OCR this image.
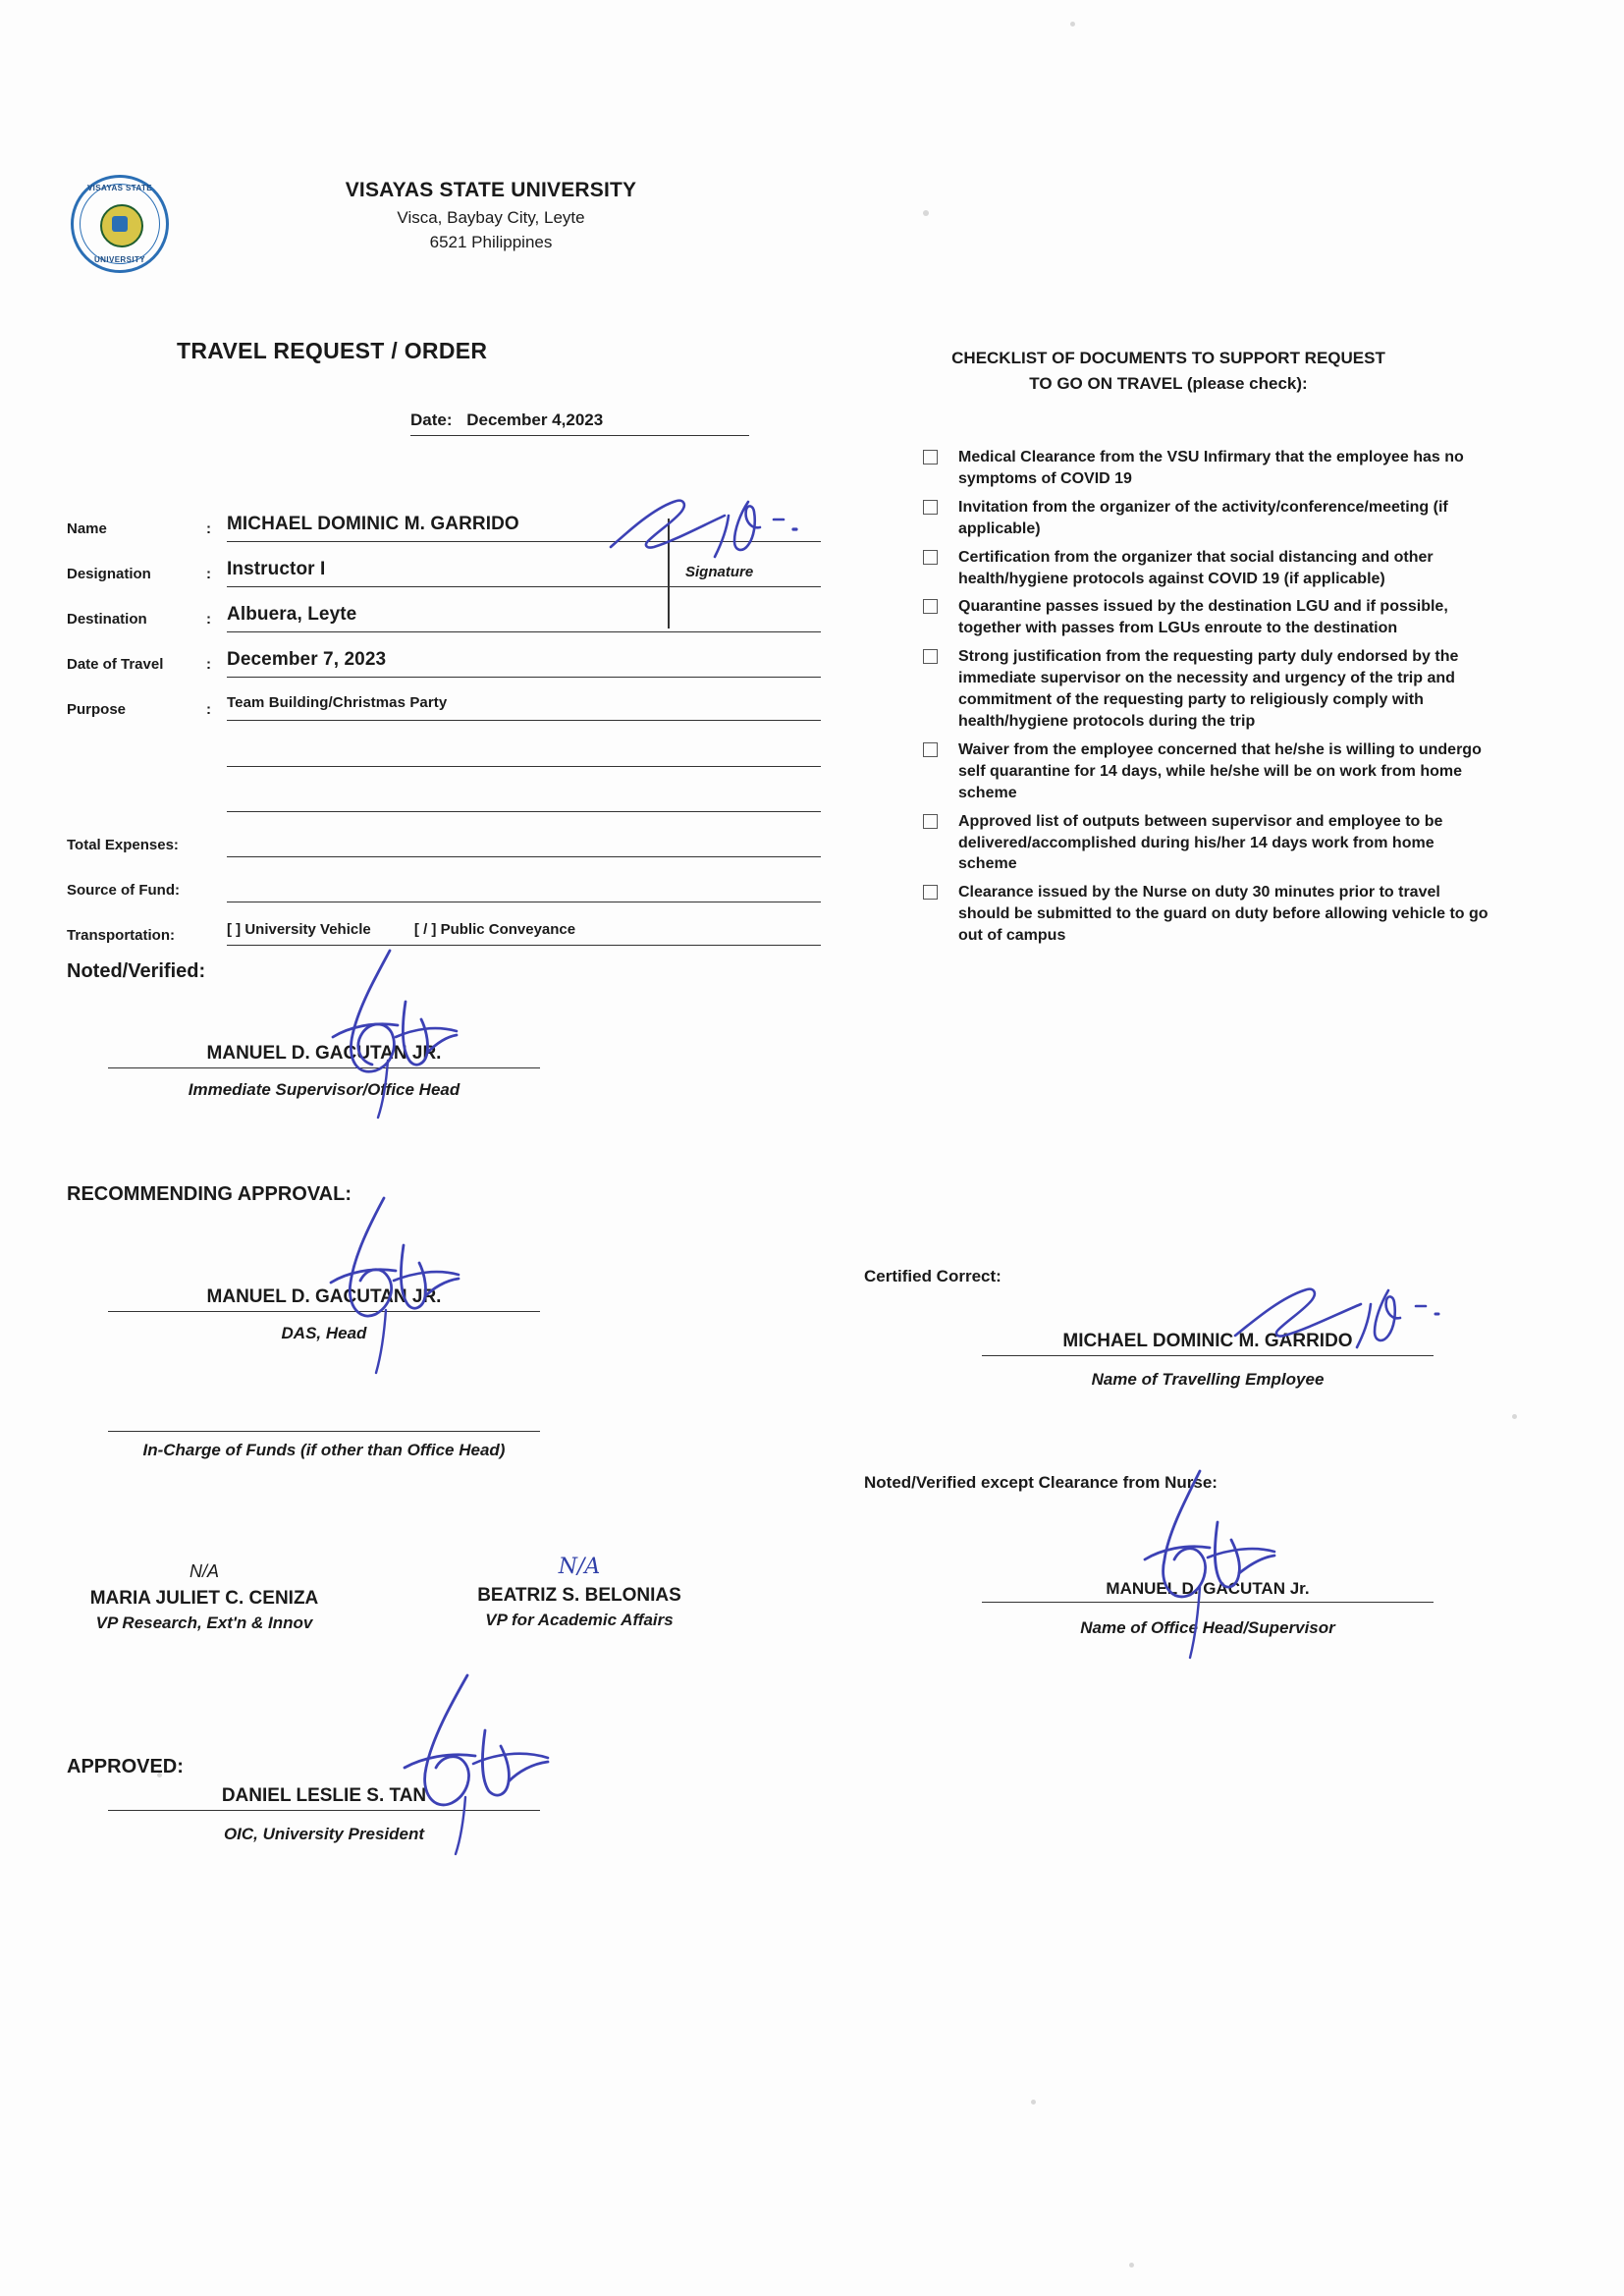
VISAYAS STATE
UNIVERSITY
VISAYAS STATE UNIVERSITY
Visca, Baybay City, Leyte
6521 Philippines
TRAVEL REQUEST / ORDER
Date: December 4,2023
Name	: MICHAEL DOMINIC M. GARRIDO
Designation	: Instructor I	Signature
Destination	: Albuera, Leyte
Date of Travel	: December 7, 2023
Purpose	: Team Building/Christmas Party
Total Expenses:
Source of Fund:
Transportation:	[ ] University Vehicle	[ / ] Public Conveyance
Noted/Verified:
MANUEL D. GACUTAN JR.
Immediate Supervisor/Office Head
RECOMMENDING APPROVAL:
MANUEL D. GACUTAN JR.
DAS, Head
In-Charge of Funds (if other than Office Head)
N/A
MARIA JULIET C. CENIZA
VP Research, Ext'n & Innov
N/A
BEATRIZ S. BELONIAS
VP for Academic Affairs
APPROVED:
DANIEL LESLIE S. TAN
OIC, University President
CHECKLIST OF DOCUMENTS TO SUPPORT REQUEST
TO GO ON TRAVEL (please check):
Medical Clearance from the VSU Infirmary that the employee has no symptoms of COVID 19
Invitation from the organizer of the activity/conference/meeting (if applicable)
Certification from the organizer that social distancing and other health/hygiene protocols against COVID 19 (if applicable)
Quarantine passes issued by the destination LGU and if possible, together with passes from LGUs enroute to the destination
Strong justification from the requesting party duly endorsed by the immediate supervisor on the necessity and urgency of the trip and commitment of the requesting party to religiously comply with health/hygiene protocols during the trip
Waiver from the employee concerned that he/she is willing to undergo self quarantine for 14 days, while he/she will be on work from home scheme
Approved list of outputs between supervisor and employee to be delivered/accomplished during his/her 14 days work from home scheme
Clearance issued by the Nurse on duty 30 minutes prior to travel should be submitted to the guard on duty before allowing vehicle to go out of campus
Certified Correct:
MICHAEL DOMINIC M. GARRIDO
Name of Travelling Employee
Noted/Verified except Clearance from Nurse:
MANUEL D. GACUTAN Jr.
Name of Office Head/Supervisor
